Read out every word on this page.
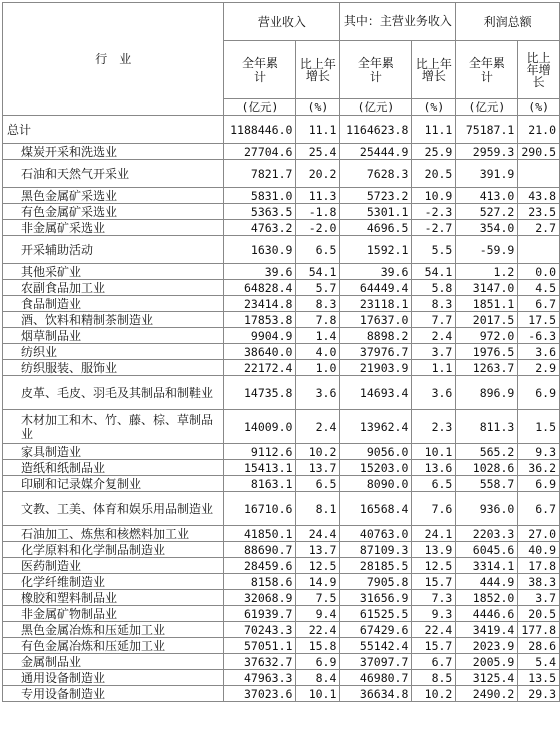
行　业	营业收入		其中：主营业务收入		利润总额	
	全年累计	比上年增长	全年累计	比上年增长	全年累计	比上年增长
	(亿元)	(%)	(亿元)	(%)	(亿元)	(%)
总计	1188446.0	11.1	1164623.8	11.1	75187.1	21.0
煤炭开采和洗选业	27704.6	25.4	25444.9	25.9	2959.3	290.5
石油和天然气开采业	7821.7	20.2	7628.3	20.5	391.9	
黑色金属矿采选业	5831.0	11.3	5723.2	10.9	413.0	43.8
有色金属矿采选业	5363.5	-1.8	5301.1	-2.3	527.2	23.5
非金属矿采选业	4763.2	-2.0	4696.5	-2.7	354.0	2.7
开采辅助活动	1630.9	6.5	1592.1	5.5	-59.9	
其他采矿业	39.6	54.1	39.6	54.1	1.2	0.0
农副食品加工业	64828.4	5.7	64449.4	5.8	3147.0	4.5
食品制造业	23414.8	8.3	23118.1	8.3	1851.1	6.7
酒、饮料和精制茶制造业	17853.8	7.8	17637.0	7.7	2017.5	17.5
烟草制品业	9904.9	1.4	8898.2	2.4	972.0	-6.3
纺织业	38640.0	4.0	37976.7	3.7	1976.5	3.6
纺织服装、服饰业	22172.4	1.0	21903.9	1.1	1263.7	2.9
皮革、毛皮、羽毛及其制品和制鞋业	14735.8	3.6	14693.4	3.6	896.9	6.9
木材加工和木、竹、藤、棕、草制品业	14009.0	2.4	13962.4	2.3	811.3	1.5
家具制造业	9112.6	10.2	9056.0	10.1	565.2	9.3
造纸和纸制品业	15413.1	13.7	15203.0	13.6	1028.6	36.2
印刷和记录媒介复制业	8163.1	6.5	8090.0	6.5	558.7	6.9
文教、工美、体育和娱乐用品制造业	16710.6	8.1	16568.4	7.6	936.0	6.7
石油加工、炼焦和核燃料加工业	41850.1	24.4	40763.0	24.1	2203.3	27.0
化学原料和化学制品制造业	88690.7	13.7	87109.3	13.9	6045.6	40.9
医药制造业	28459.6	12.5	28185.5	12.5	3314.1	17.8
化学纤维制造业	8158.6	14.9	7905.8	15.7	444.9	38.3
橡胶和塑料制品业	32068.9	7.5	31656.9	7.3	1852.0	3.7
非金属矿物制品业	61939.7	9.4	61525.5	9.3	4446.6	20.5
黑色金属冶炼和压延加工业	70243.3	22.4	67429.6	22.4	3419.4	177.8
有色金属冶炼和压延加工业	57051.1	15.8	55142.4	15.7	2023.9	28.6
金属制品业	37632.7	6.9	37097.7	6.7	2005.9	5.4
通用设备制造业	47963.3	8.4	46980.7	8.5	3125.4	13.5
专用设备制造业	37023.6	10.1	36634.8	10.2	2490.2	29.3
